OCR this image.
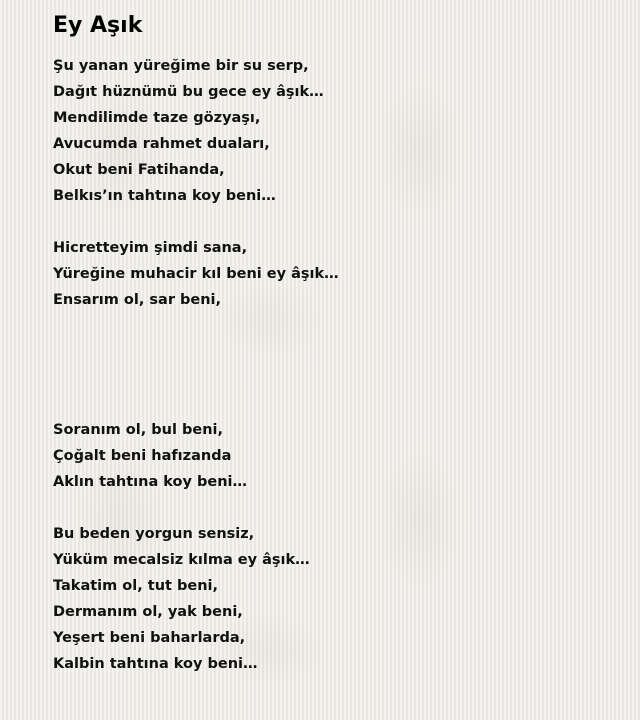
Ey Aşık
Şu yanan yüreğime bir su serp,
Dağıt hüznümü bu gece ey âşık…
Mendilimde taze gözyaşı,
Avucumda rahmet duaları,
Okut beni Fatihanda,
Belkıs’ın tahtına koy beni…
Hicretteyim şimdi sana,
Yüreğine muhacir kıl beni ey âşık…
Ensarım ol, sar beni,
Soranım ol, bul beni,
Çoğalt beni hafızanda
Aklın tahtına koy beni…
Bu beden yorgun sensiz,
Yüküm mecalsiz kılma ey âşık…
Takatim ol, tut beni,
Dermanım ol, yak beni,
Yeşert beni baharlarda,
Kalbin tahtına koy beni…
